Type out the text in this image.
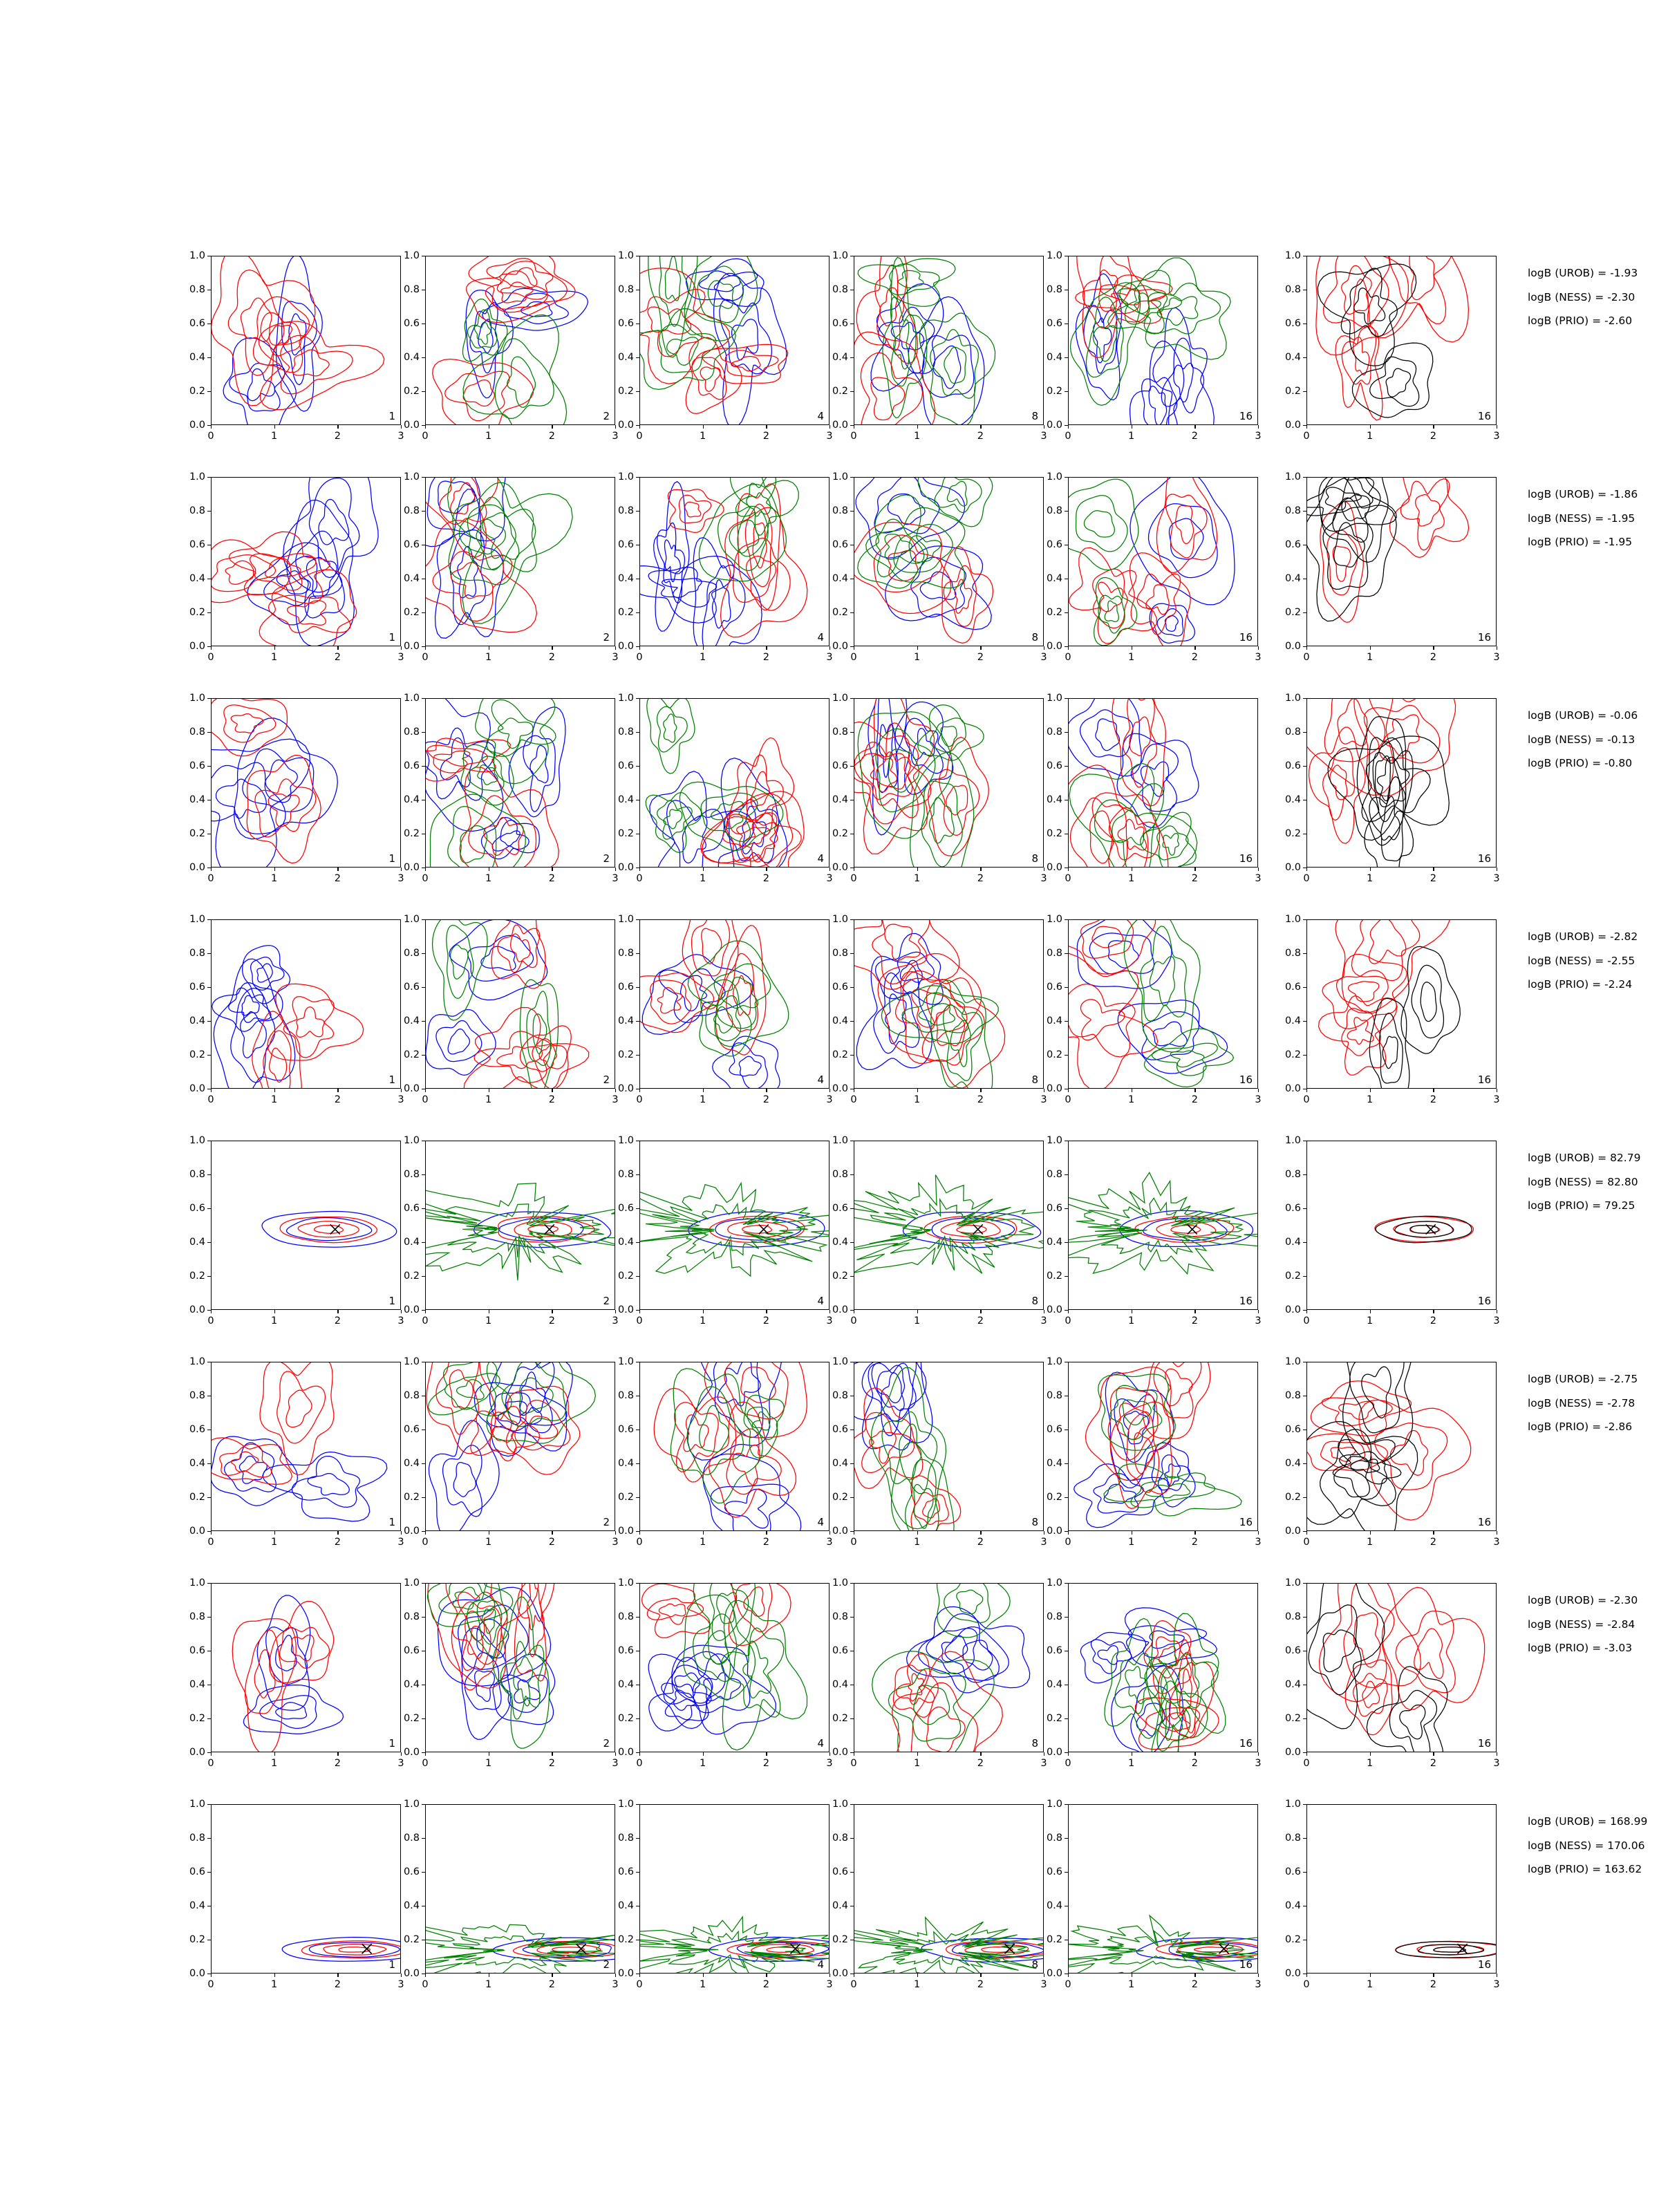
0.0
0.2
0.4
0.6
0.8
1.0
0	1	2	3
1
0.0
0.2
0.4
0.6
0.8
1.0
0	1	2	3
2
0.0
0.2
0.4
0.6
0.8
1.0
0	1	2	3
4
0.0
0.2
0.4
0.6
0.8
1.0
0	1	2	3
8
0.0
0.2
0.4
0.6
0.8
1.0
0	1	2	3
16
0.0
0.2
0.4
0.6
0.8
1.0
0	1	2	3
16
logB (UROB) = -1.93
logB (NESS) = -2.30
logB (PRIO) = -2.60
0.0
0.2
0.4
0.6
0.8
1.0
0	1	2	3
1
0.0
0.2
0.4
0.6
0.8
1.0
0	1	2	3
2
0.0
0.2
0.4
0.6
0.8
1.0
0	1	2	3
4
0.0
0.2
0.4
0.6
0.8
1.0
0	1	2	3
8
0.0
0.2
0.4
0.6
0.8
1.0
0	1	2	3
16
0.0
0.2
0.4
0.6
0.8
1.0
0	1	2	3
16
logB (UROB) = -1.86
logB (NESS) = -1.95
logB (PRIO) = -1.95
0.0
0.2
0.4
0.6
0.8
1.0
0	1	2	3
1
0.0
0.2
0.4
0.6
0.8
1.0
0	1	2	3
2
0.0
0.2
0.4
0.6
0.8
1.0
0	1	2	3
4
0.0
0.2
0.4
0.6
0.8
1.0
0	1	2	3
8
0.0
0.2
0.4
0.6
0.8
1.0
0	1	2	3
16
0.0
0.2
0.4
0.6
0.8
1.0
0	1	2	3
16
logB (UROB) = -0.06
logB (NESS) = -0.13
logB (PRIO) = -0.80
0.0
0.2
0.4
0.6
0.8
1.0
0	1	2	3
1
0.0
0.2
0.4
0.6
0.8
1.0
0	1	2	3
2
0.0
0.2
0.4
0.6
0.8
1.0
0	1	2	3
4
0.0
0.2
0.4
0.6
0.8
1.0
0	1	2	3
8
0.0
0.2
0.4
0.6
0.8
1.0
0	1	2	3
16
0.0
0.2
0.4
0.6
0.8
1.0
0	1	2	3
16
logB (UROB) = -2.82
logB (NESS) = -2.55
logB (PRIO) = -2.24
0.0
0.2
0.4
0.6
0.8
1.0
0	1	2	3
1
0.0
0.2
0.4
0.6
0.8
1.0
0	1	2	3
2
0.0
0.2
0.4
0.6
0.8
1.0
0	1	2	3
4
0.0
0.2
0.4
0.6
0.8
1.0
0	1	2	3
8
0.0
0.2
0.4
0.6
0.8
1.0
0	1	2	3
16
0.0
0.2
0.4
0.6
0.8
1.0
0	1	2	3
16
logB (UROB) = 82.79
logB (NESS) = 82.80
logB (PRIO) = 79.25
0.0
0.2
0.4
0.6
0.8
1.0
0	1	2	3
1
0.0
0.2
0.4
0.6
0.8
1.0
0	1	2	3
2
0.0
0.2
0.4
0.6
0.8
1.0
0	1	2	3
4
0.0
0.2
0.4
0.6
0.8
1.0
0	1	2	3
8
0.0
0.2
0.4
0.6
0.8
1.0
0	1	2	3
16
0.0
0.2
0.4
0.6
0.8
1.0
0	1	2	3
16
logB (UROB) = -2.75
logB (NESS) = -2.78
logB (PRIO) = -2.86
0.0
0.2
0.4
0.6
0.8
1.0
0	1	2	3
1
0.0
0.2
0.4
0.6
0.8
1.0
0	1	2	3
2
0.0
0.2
0.4
0.6
0.8
1.0
0	1	2	3
4
0.0
0.2
0.4
0.6
0.8
1.0
0	1	2	3
8
0.0
0.2
0.4
0.6
0.8
1.0
0	1	2	3
16
0.0
0.2
0.4
0.6
0.8
1.0
0	1	2	3
16
logB (UROB) = -2.30
logB (NESS) = -2.84
logB (PRIO) = -3.03
0.0
0.2
0.4
0.6
0.8
1.0
0	1	2	3
1
0.0
0.2
0.4
0.6
0.8
1.0
0	1	2	3
2
0.0
0.2
0.4
0.6
0.8
1.0
0	1	2	3
4
0.0
0.2
0.4
0.6
0.8
1.0
0	1	2	3
8
0.0
0.2
0.4
0.6
0.8
1.0
0	1	2	3
16
0.0
0.2
0.4
0.6
0.8
1.0
0	1	2	3
16
logB (UROB) = 168.99
logB (NESS) = 170.06
logB (PRIO) = 163.62
